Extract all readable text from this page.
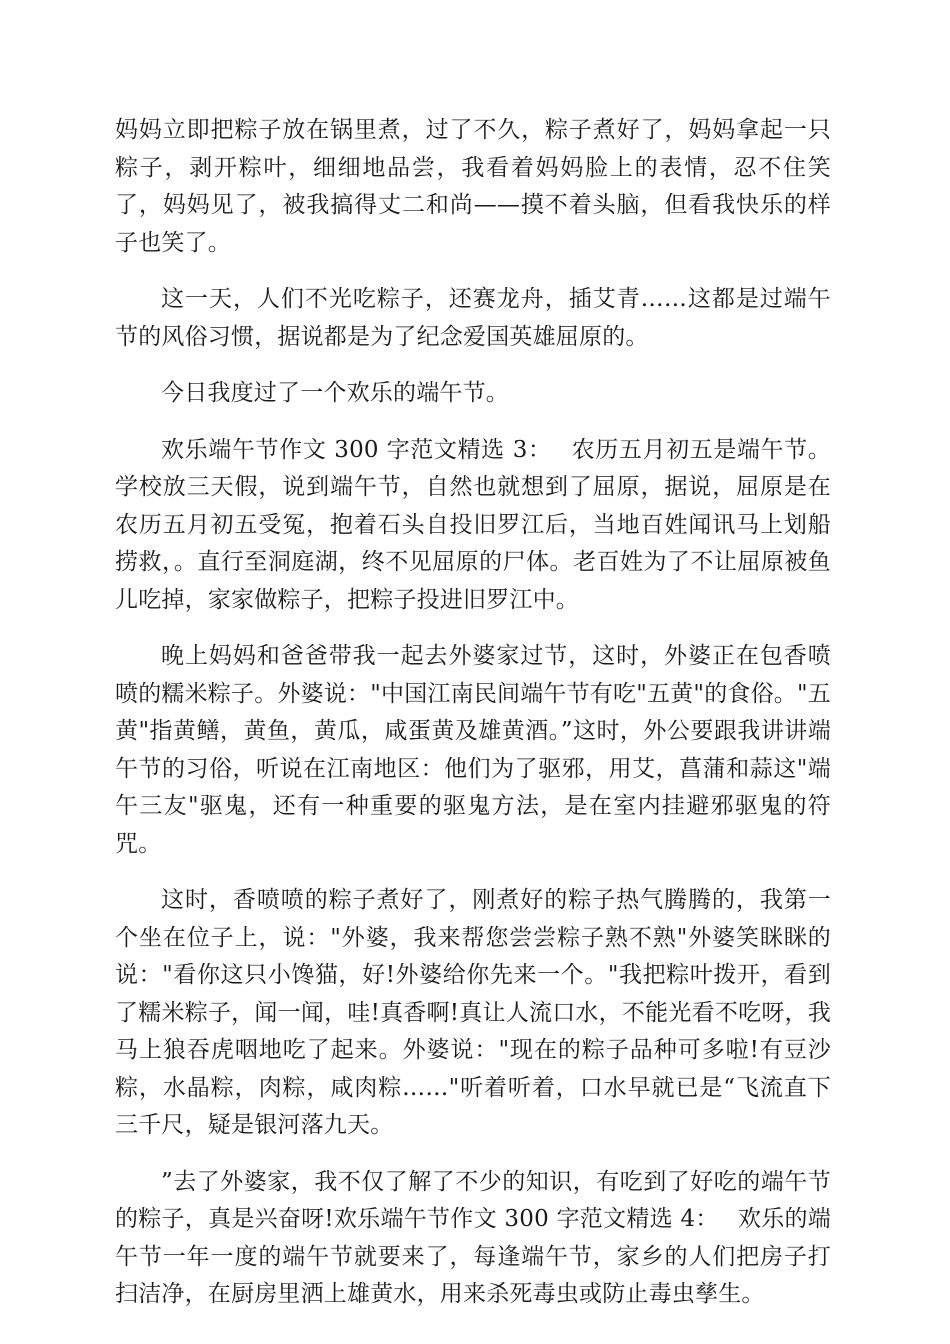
妈妈立即把粽子放在锅里煮，过了不久，粽子煮好了，妈妈拿起一只粽子，剥开粽叶，细细地品尝，我看着妈妈脸上的表情，忍不住笑了，妈妈见了，被我搞得丈二和尚——摸不着头脑，但看我快乐的样子也笑了。

这一天，人们不光吃粽子，还赛龙舟，插艾青……这都是过端午节的风俗习惯，据说都是为了纪念爱国英雄屈原的。

今日我度过了一个欢乐的端午节。

欢乐端午节作文 300 字范文精选 3：　 农历五月初五是端午节。学校放三天假，说到端午节，自然也就想到了屈原，据说，屈原是在农历五月初五受冤，抱着石头自投旧罗江后，当地百姓闻讯马上划船捞救，。直行至洞庭湖，终不见屈原的尸体。老百姓为了不让屈原被鱼儿吃掉，家家做粽子，把粽子投进旧罗江中。

晚上妈妈和爸爸带我一起去外婆家过节，这时，外婆正在包香喷喷的糯米粽子。外婆说："中国江南民间端午节有吃"五黄"的食俗。"五黄"指黄鳝，黄鱼，黄瓜，咸蛋黄及雄黄酒。”这时，外公要跟我讲讲端午节的习俗，听说在江南地区：他们为了驱邪，用艾，菖蒲和蒜这"端午三友"驱鬼，还有一种重要的驱鬼方法，是在室内挂避邪驱鬼的符咒。

这时，香喷喷的粽子煮好了，刚煮好的粽子热气腾腾的，我第一个坐在位子上，说："外婆，我来帮您尝尝粽子熟不熟"外婆笑眯眯的说："看你这只小馋猫，好!外婆给你先来一个。"我把粽叶拨开，看到了糯米粽子，闻一闻，哇!真香啊!真让人流口水，不能光看不吃呀，我马上狼吞虎咽地吃了起来。外婆说："现在的粽子品种可多啦!有豆沙粽，水晶粽，肉粽，咸肉粽……"听着听着，口水早就已是“飞流直下三千尺，疑是银河落九天。

”去了外婆家，我不仅了解了不少的知识，有吃到了好吃的端午节的粽子，真是兴奋呀!欢乐端午节作文 300 字范文精选 4：　 欢乐的端午节一年一度的端午节就要来了，每逢端午节，家乡的人们把房子打扫洁净，在厨房里洒上雄黄水，用来杀死毒虫或防止毒虫孳生。
